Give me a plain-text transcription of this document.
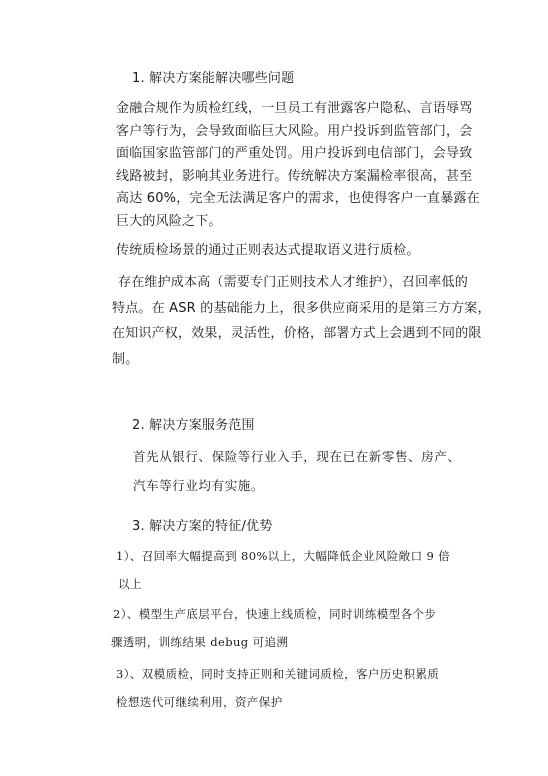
1. 解决方案能解决哪些问题
金融合规作为质检红线，一旦员工有泄露客户隐私、言语辱骂
客户等行为，会导致面临巨大风险。用户投诉到监管部门，会
面临国家监管部门的严重处罚。用户投诉到电信部门，会导致
线路被封，影响其业务进行。传统解决方案漏检率很高，甚至
高达 60%，完全无法满足客户的需求，也使得客户一直暴露在
巨大的风险之下。
传统质检场景的通过正则表达式提取语义进行质检。
存在维护成本高（需要专门正则技术人才维护），召回率低的
特点。在 ASR 的基础能力上，很多供应商采用的是第三方方案，
在知识产权，效果，灵活性，价格，部署方式上会遇到不同的限
制。
2. 解决方案服务范围
首先从银行、保险等行业入手，现在已在新零售、房产、
汽车等行业均有实施。
3. 解决方案的特征/优势
1）、召回率大幅提高到 80%以上，大幅降低企业风险敞口 9 倍
以上
2）、模型生产底层平台，快速上线质检，同时训练模型各个步
骤透明，训练结果 debug 可追溯
3）、双模质检，同时支持正则和关键词质检，客户历史积累质
检想迭代可继续利用，资产保护
